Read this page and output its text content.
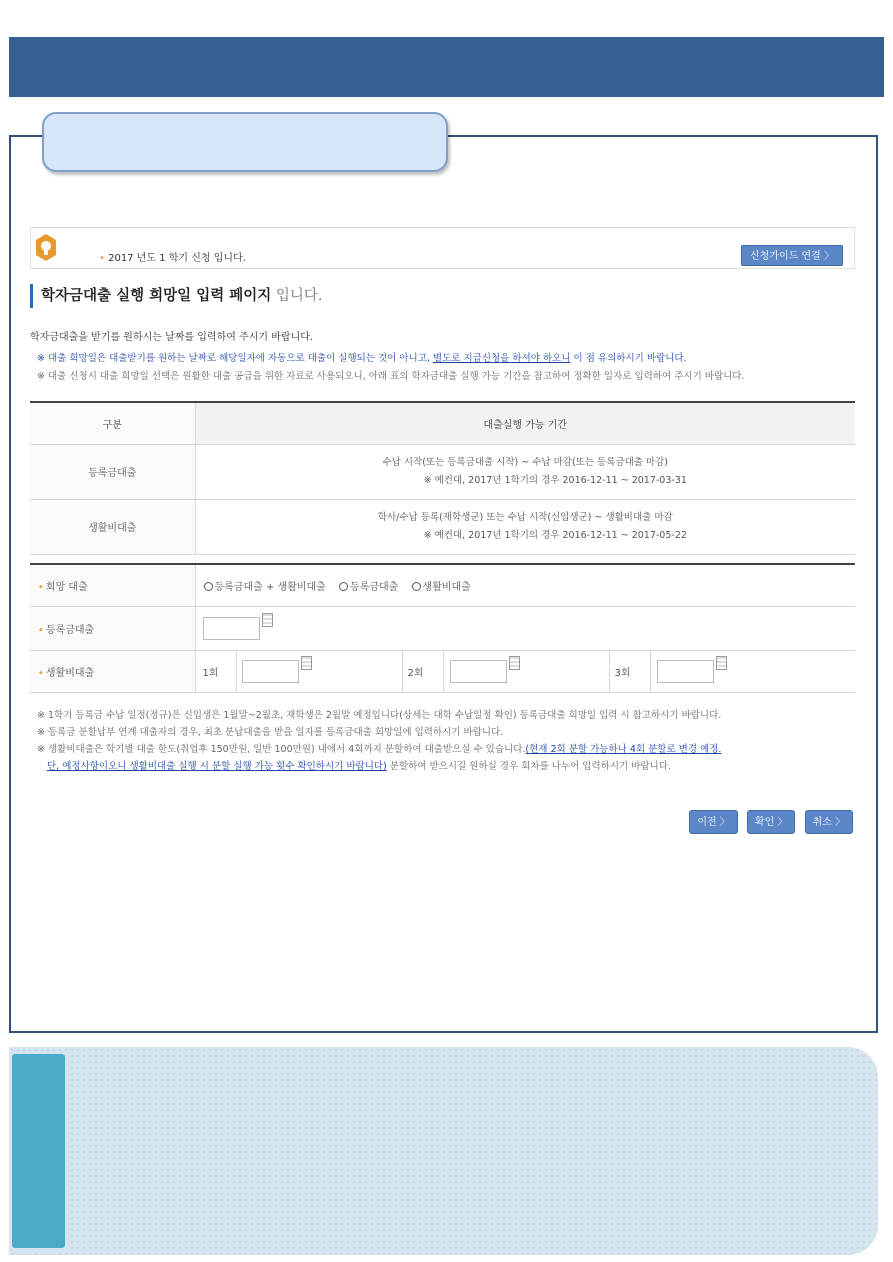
• 2017 년도 1 학기 신청 입니다.	신청가이드 연결 〉
학자금대출 실행 희망일 입력 페이지 입니다.
학자금대출을 받기를 원하시는 날짜를 입력하여 주시기 바랍니다.
※ 대출 희망일은 대출받기를 원하는 날짜로 해당일자에 자동으로 대출이 실행되는 것이 아니고, 별도로 지급신청을 하셔야 하오니 이 점 유의하시기 바랍니다.
※ 대출 신청시 대출 희망일 선택은 원활한 대출 공급을 위한 자료로 사용되오니, 아래 표의 학자금대출 실행 가능 기간을 참고하여 정확한 일자로 입력하여 주시기 바랍니다.
구분	대출실행 가능 기간
등록금대출	수납 시작(또는 등록금대출 시작) ~ 수납 마감(또는 등록금대출 마감)
※ 예컨대, 2017년 1학기의 경우 2016-12-11 ~ 2017-03-31

생활비대출	학사/수납 등록(재학생군) 또는 수납 시작(신입생군) ~ 생활비대출 마감
※ 예컨대, 2017년 1학기의 경우 2016-12-11 ~ 2017-05-22
• 희망 대출	등록금대출 + 생활비대출 등록금대출 생활비대출					
• 등록금대출						
• 생활비대출	1회		2회		3회	
※ 1학기 등록금 수납 일정(정규)은 신입생은 1월말~2월초, 재학생은 2월말 예정입니다(상세는 대학 수납일정 확인) 등록금대출 희망일 입력 시 참고하시기 바랍니다.
※ 등록금 분할납부 연계 대출자의 경우, 최초 분납대출을 받을 일자를 등록금대출 희망일에 입력하시기 바랍니다.
※ 생활비대출은 학기별 대출 한도(취업후 150만원, 일반 100만원) 내에서 4회까지 분할하여 대출받으실 수 있습니다.(현재 2회 분할 가능하나 4회 분할로 변경 예정.
단, 예정사항이오니 생활비대출 실행 시 분할 실행 가능 횟수 확인하시기 바랍니다) 분할하여 받으시길 원하실 경우 회차를 나누어 입력하시기 바랍니다.
이전 〉	확인 〉	취소 〉
